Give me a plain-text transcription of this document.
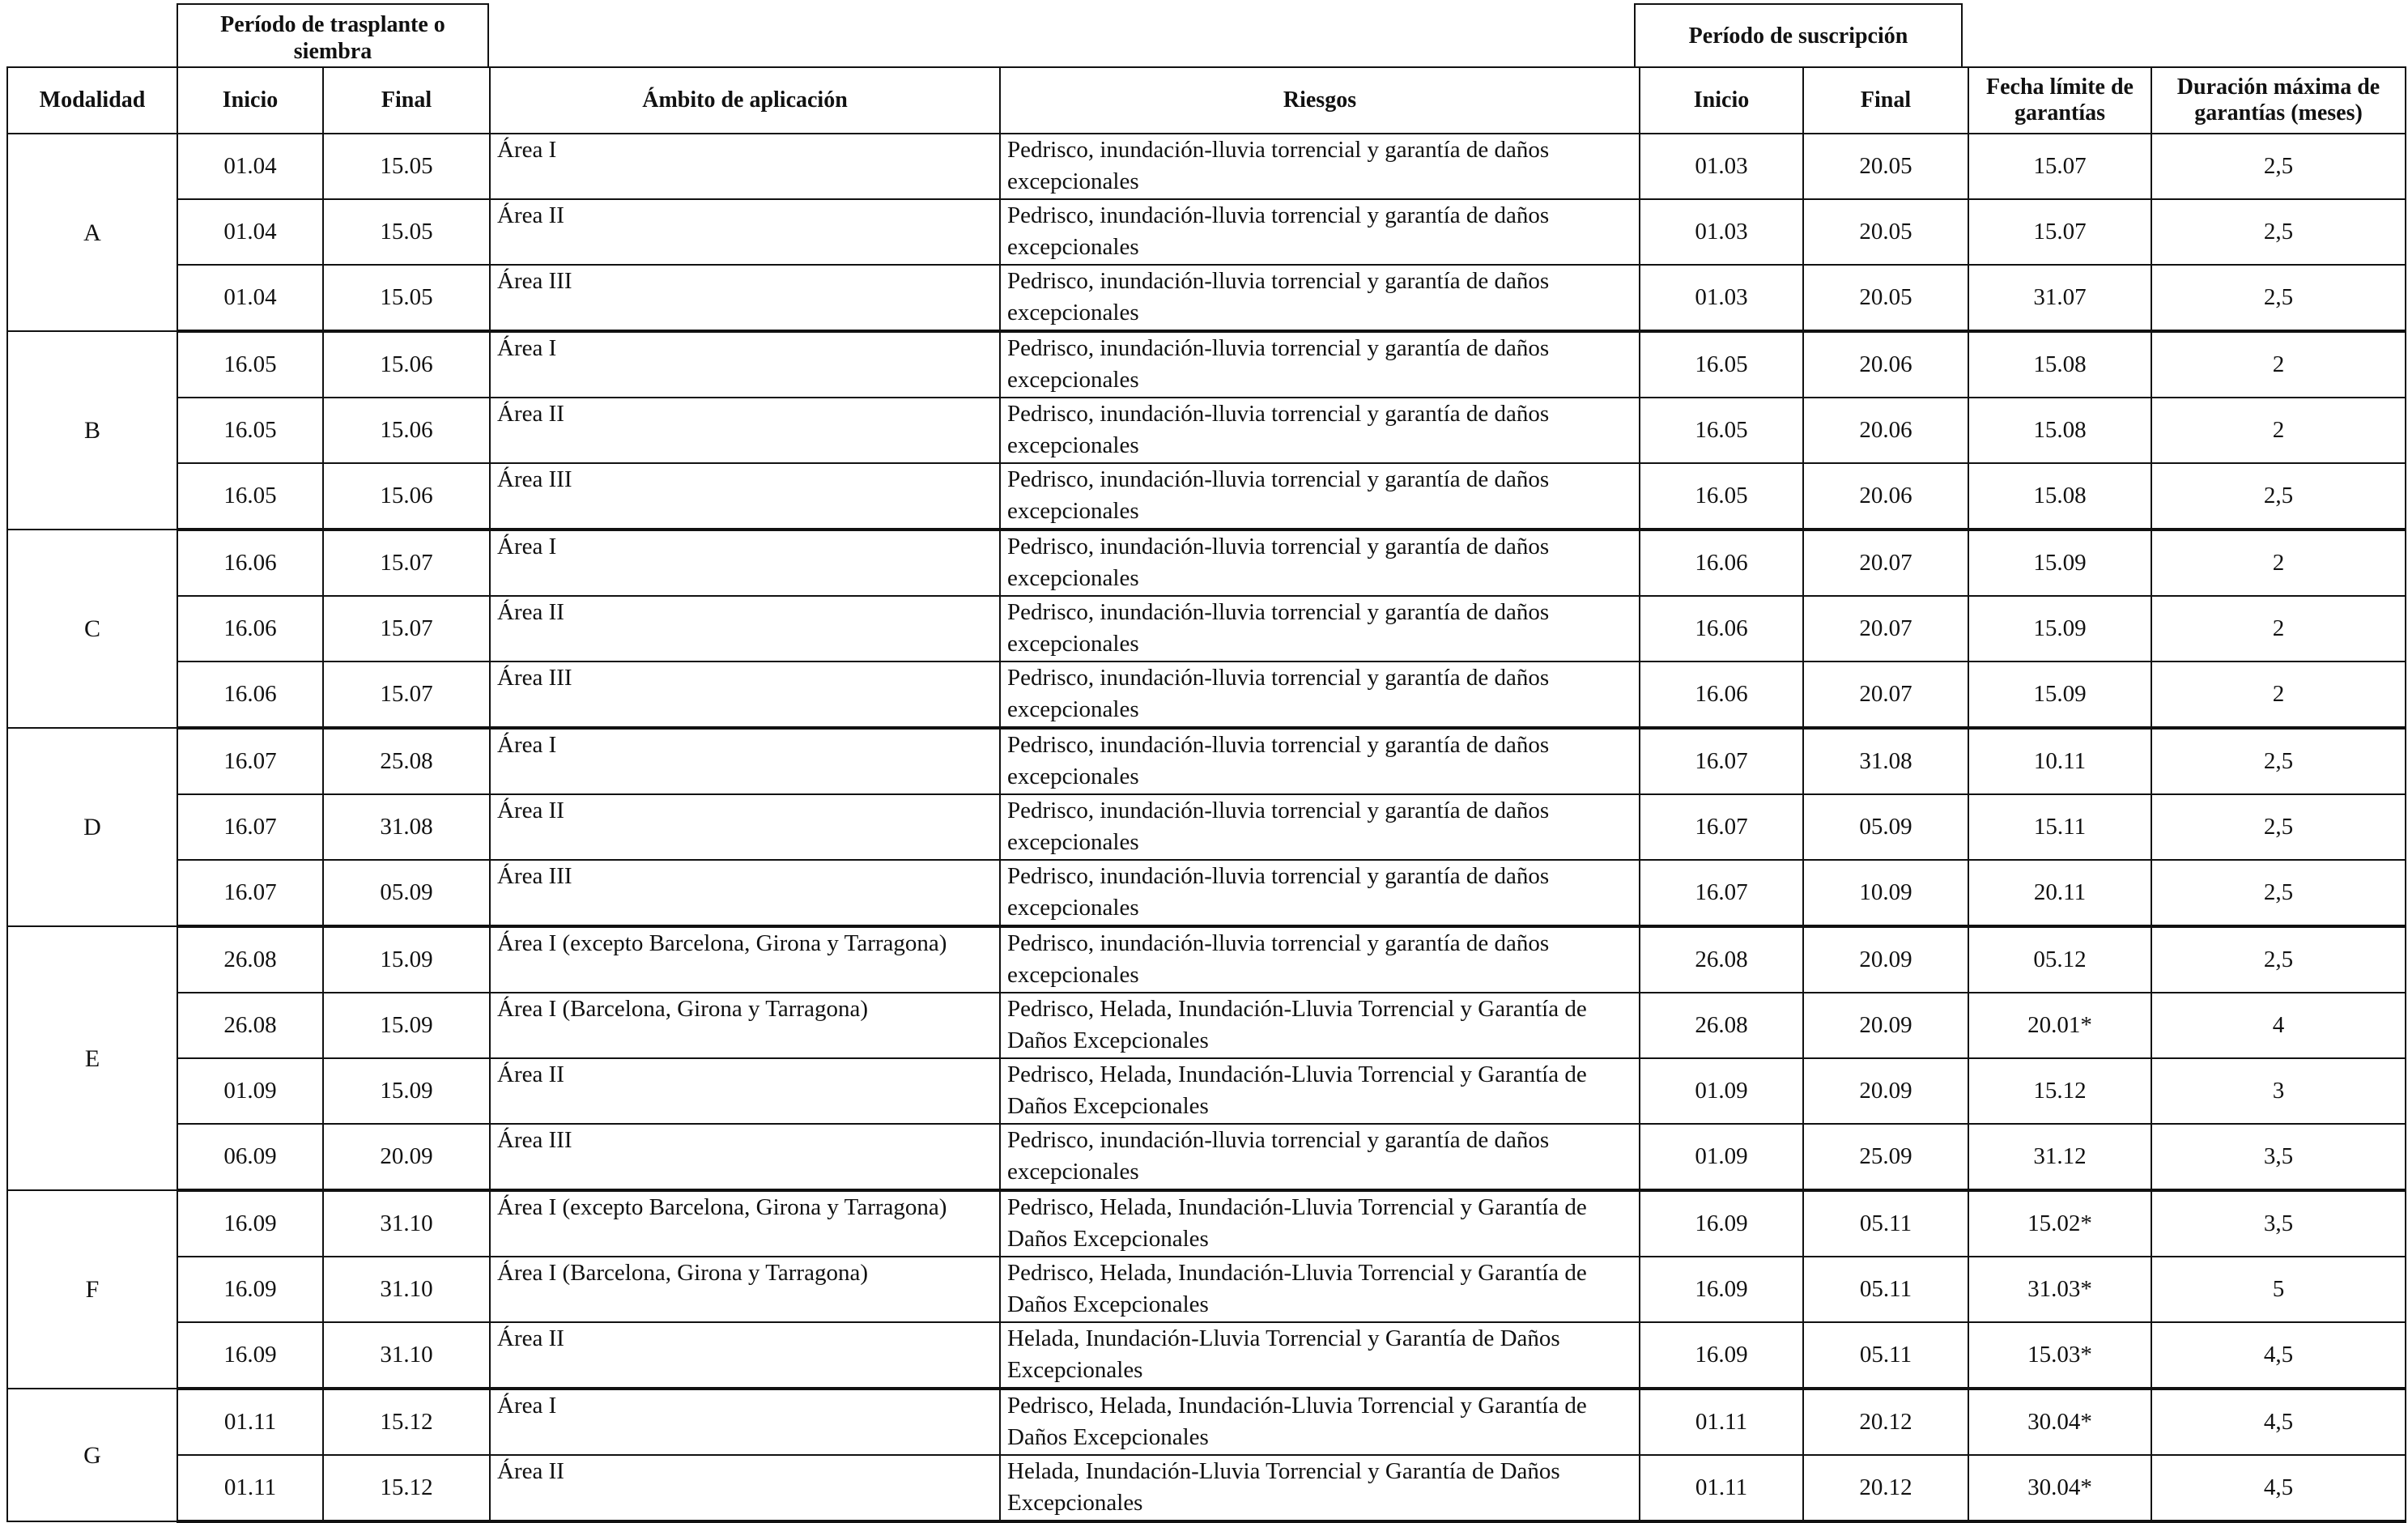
Período de trasplante o siembra
Período de suscripción
Modalidad	Inicio	Final	Ámbito de aplicación	Riesgos	Inicio	Final	Fecha límite de garantías	Duración máxima de garantías (meses)
A	01.04	15.05	Área I	Pedrisco, inundación-lluvia torrencial y garantía de daños excepcionales	01.03	20.05	15.07	2,5
	01.04	15.05	Área II	Pedrisco, inundación-lluvia torrencial y garantía de daños excepcionales	01.03	20.05	15.07	2,5
	01.04	15.05	Área III	Pedrisco, inundación-lluvia torrencial y garantía de daños excepcionales	01.03	20.05	31.07	2,5
B	16.05	15.06	Área I	Pedrisco, inundación-lluvia torrencial y garantía de daños excepcionales	16.05	20.06	15.08	2
	16.05	15.06	Área II	Pedrisco, inundación-lluvia torrencial y garantía de daños excepcionales	16.05	20.06	15.08	2
	16.05	15.06	Área III	Pedrisco, inundación-lluvia torrencial y garantía de daños excepcionales	16.05	20.06	15.08	2,5
C	16.06	15.07	Área I	Pedrisco, inundación-lluvia torrencial y garantía de daños excepcionales	16.06	20.07	15.09	2
	16.06	15.07	Área II	Pedrisco, inundación-lluvia torrencial y garantía de daños excepcionales	16.06	20.07	15.09	2
	16.06	15.07	Área III	Pedrisco, inundación-lluvia torrencial y garantía de daños excepcionales	16.06	20.07	15.09	2
D	16.07	25.08	Área I	Pedrisco, inundación-lluvia torrencial y garantía de daños excepcionales	16.07	31.08	10.11	2,5
	16.07	31.08	Área II	Pedrisco, inundación-lluvia torrencial y garantía de daños excepcionales	16.07	05.09	15.11	2,5
	16.07	05.09	Área III	Pedrisco, inundación-lluvia torrencial y garantía de daños excepcionales	16.07	10.09	20.11	2,5
E	26.08	15.09	Área I (excepto Barcelona, Girona y Tarragona)	Pedrisco, inundación-lluvia torrencial y garantía de daños excepcionales	26.08	20.09	05.12	2,5
	26.08	15.09	Área I (Barcelona, Girona y Tarragona)	Pedrisco, Helada, Inundación-Lluvia Torrencial y Garantía de Daños Excepcionales	26.08	20.09	20.01*	4
	01.09	15.09	Área II	Pedrisco, Helada, Inundación-Lluvia Torrencial y Garantía de Daños Excepcionales	01.09	20.09	15.12	3
	06.09	20.09	Área III	Pedrisco, inundación-lluvia torrencial y garantía de daños excepcionales	01.09	25.09	31.12	3,5
F	16.09	31.10	Área I (excepto Barcelona, Girona y Tarragona)	Pedrisco, Helada, Inundación-Lluvia Torrencial y Garantía de Daños Excepcionales	16.09	05.11	15.02*	3,5
	16.09	31.10	Área I (Barcelona, Girona y Tarragona)	Pedrisco, Helada, Inundación-Lluvia Torrencial y Garantía de Daños Excepcionales	16.09	05.11	31.03*	5
	16.09	31.10	Área II	Helada, Inundación-Lluvia Torrencial y Garantía de Daños Excepcionales	16.09	05.11	15.03*	4,5
G	01.11	15.12	Área I	Pedrisco, Helada, Inundación-Lluvia Torrencial y Garantía de Daños Excepcionales	01.11	20.12	30.04*	4,5
	01.11	15.12	Área II	Helada, Inundación-Lluvia Torrencial y Garantía de Daños Excepcionales	01.11	20.12	30.04*	4,5
